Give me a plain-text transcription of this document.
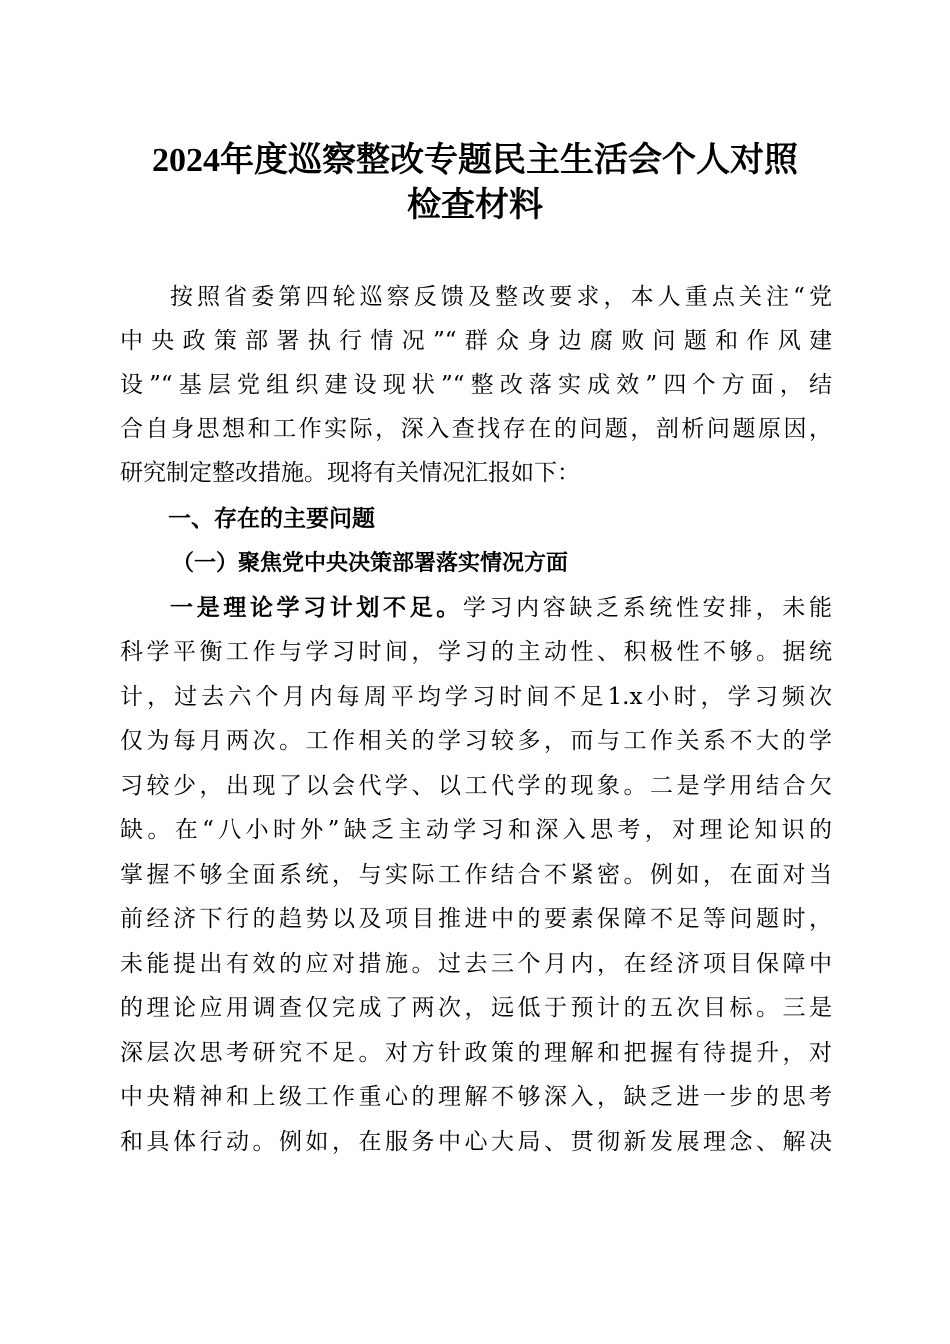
2024年度巡察整改专题民主生活会个人对照
检查材料
按照省委第四轮巡察反馈及整改要求，本人重点关注“党
中央政策部署执行情况”“群众身边腐败问题和作风建
设”“基层党组织建设现状”“整改落实成效”四个方面，结
合自身思想和工作实际，深入查找存在的问题，剖析问题原因，
研究制定整改措施。现将有关情况汇报如下：
一、存在的主要问题
（一）聚焦党中央决策部署落实情况方面
一是理论学习计划不足。学习内容缺乏系统性安排，未能
科学平衡工作与学习时间，学习的主动性、积极性不够。据统
计，过去六个月内每周平均学习时间不足1.x小时，学习频次
仅为每月两次。工作相关的学习较多，而与工作关系不大的学
习较少，出现了以会代学、以工代学的现象。二是学用结合欠
缺。在“八小时外”缺乏主动学习和深入思考，对理论知识的
掌握不够全面系统，与实际工作结合不紧密。例如，在面对当
前经济下行的趋势以及项目推进中的要素保障不足等问题时，
未能提出有效的应对措施。过去三个月内，在经济项目保障中
的理论应用调查仅完成了两次，远低于预计的五次目标。三是
深层次思考研究不足。对方针政策的理解和把握有待提升，对
中央精神和上级工作重心的理解不够深入，缺乏进一步的思考
和具体行动。例如，在服务中心大局、贯彻新发展理念、解决
